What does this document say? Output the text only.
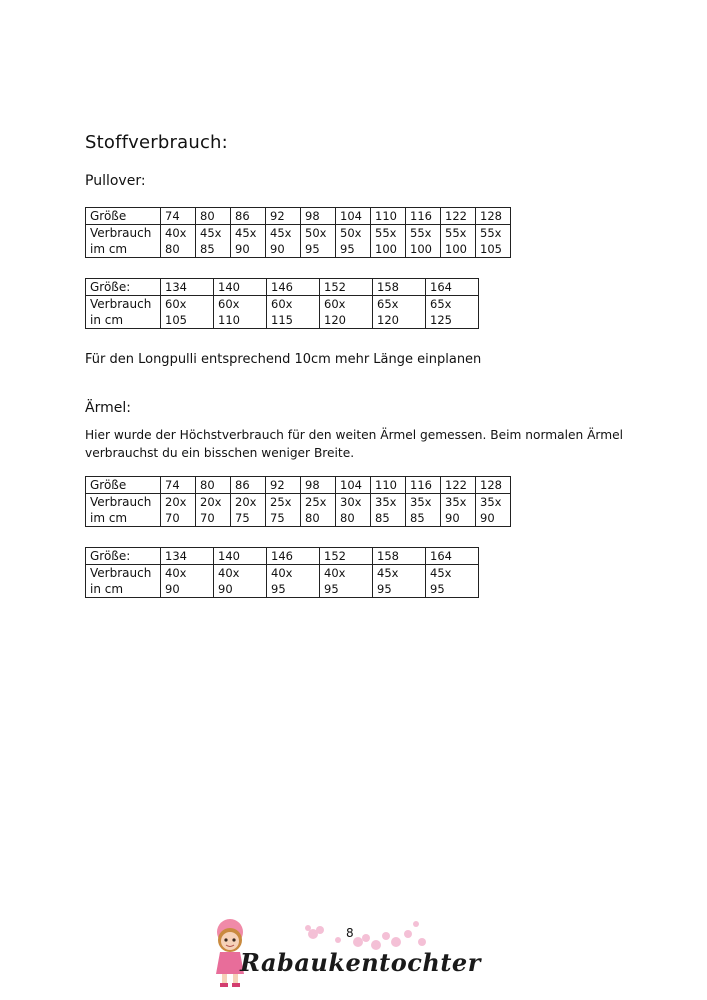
Stoffverbrauch:
Pullover:
Größe	74	80	86	92	98	104	110	116	122	128
Verbrauch	40x	45x	45x	45x	50x	50x	55x	55x	55x	55x
im cm	80	85	90	90	95	95	100	100	100	105
Größe:	134	140	146	152	158	164
Verbrauch	60x	60x	60x	60x	65x	65x
in cm	105	110	115	120	120	125
Für den Longpulli entsprechend 10cm mehr Länge einplanen
Ärmel:
Hier wurde der Höchstverbrauch für den weiten Ärmel gemessen. Beim normalen Ärmel verbrauchst du ein bisschen weniger Breite.
Größe	74	80	86	92	98	104	110	116	122	128
Verbrauch	20x	20x	20x	25x	25x	30x	35x	35x	35x	35x
im cm	70	70	75	75	80	80	85	85	90	90
Größe:	134	140	146	152	158	164
Verbrauch	40x	40x	40x	40x	45x	45x
in cm	90	90	95	95	95	95
8
Rabaukentochter
